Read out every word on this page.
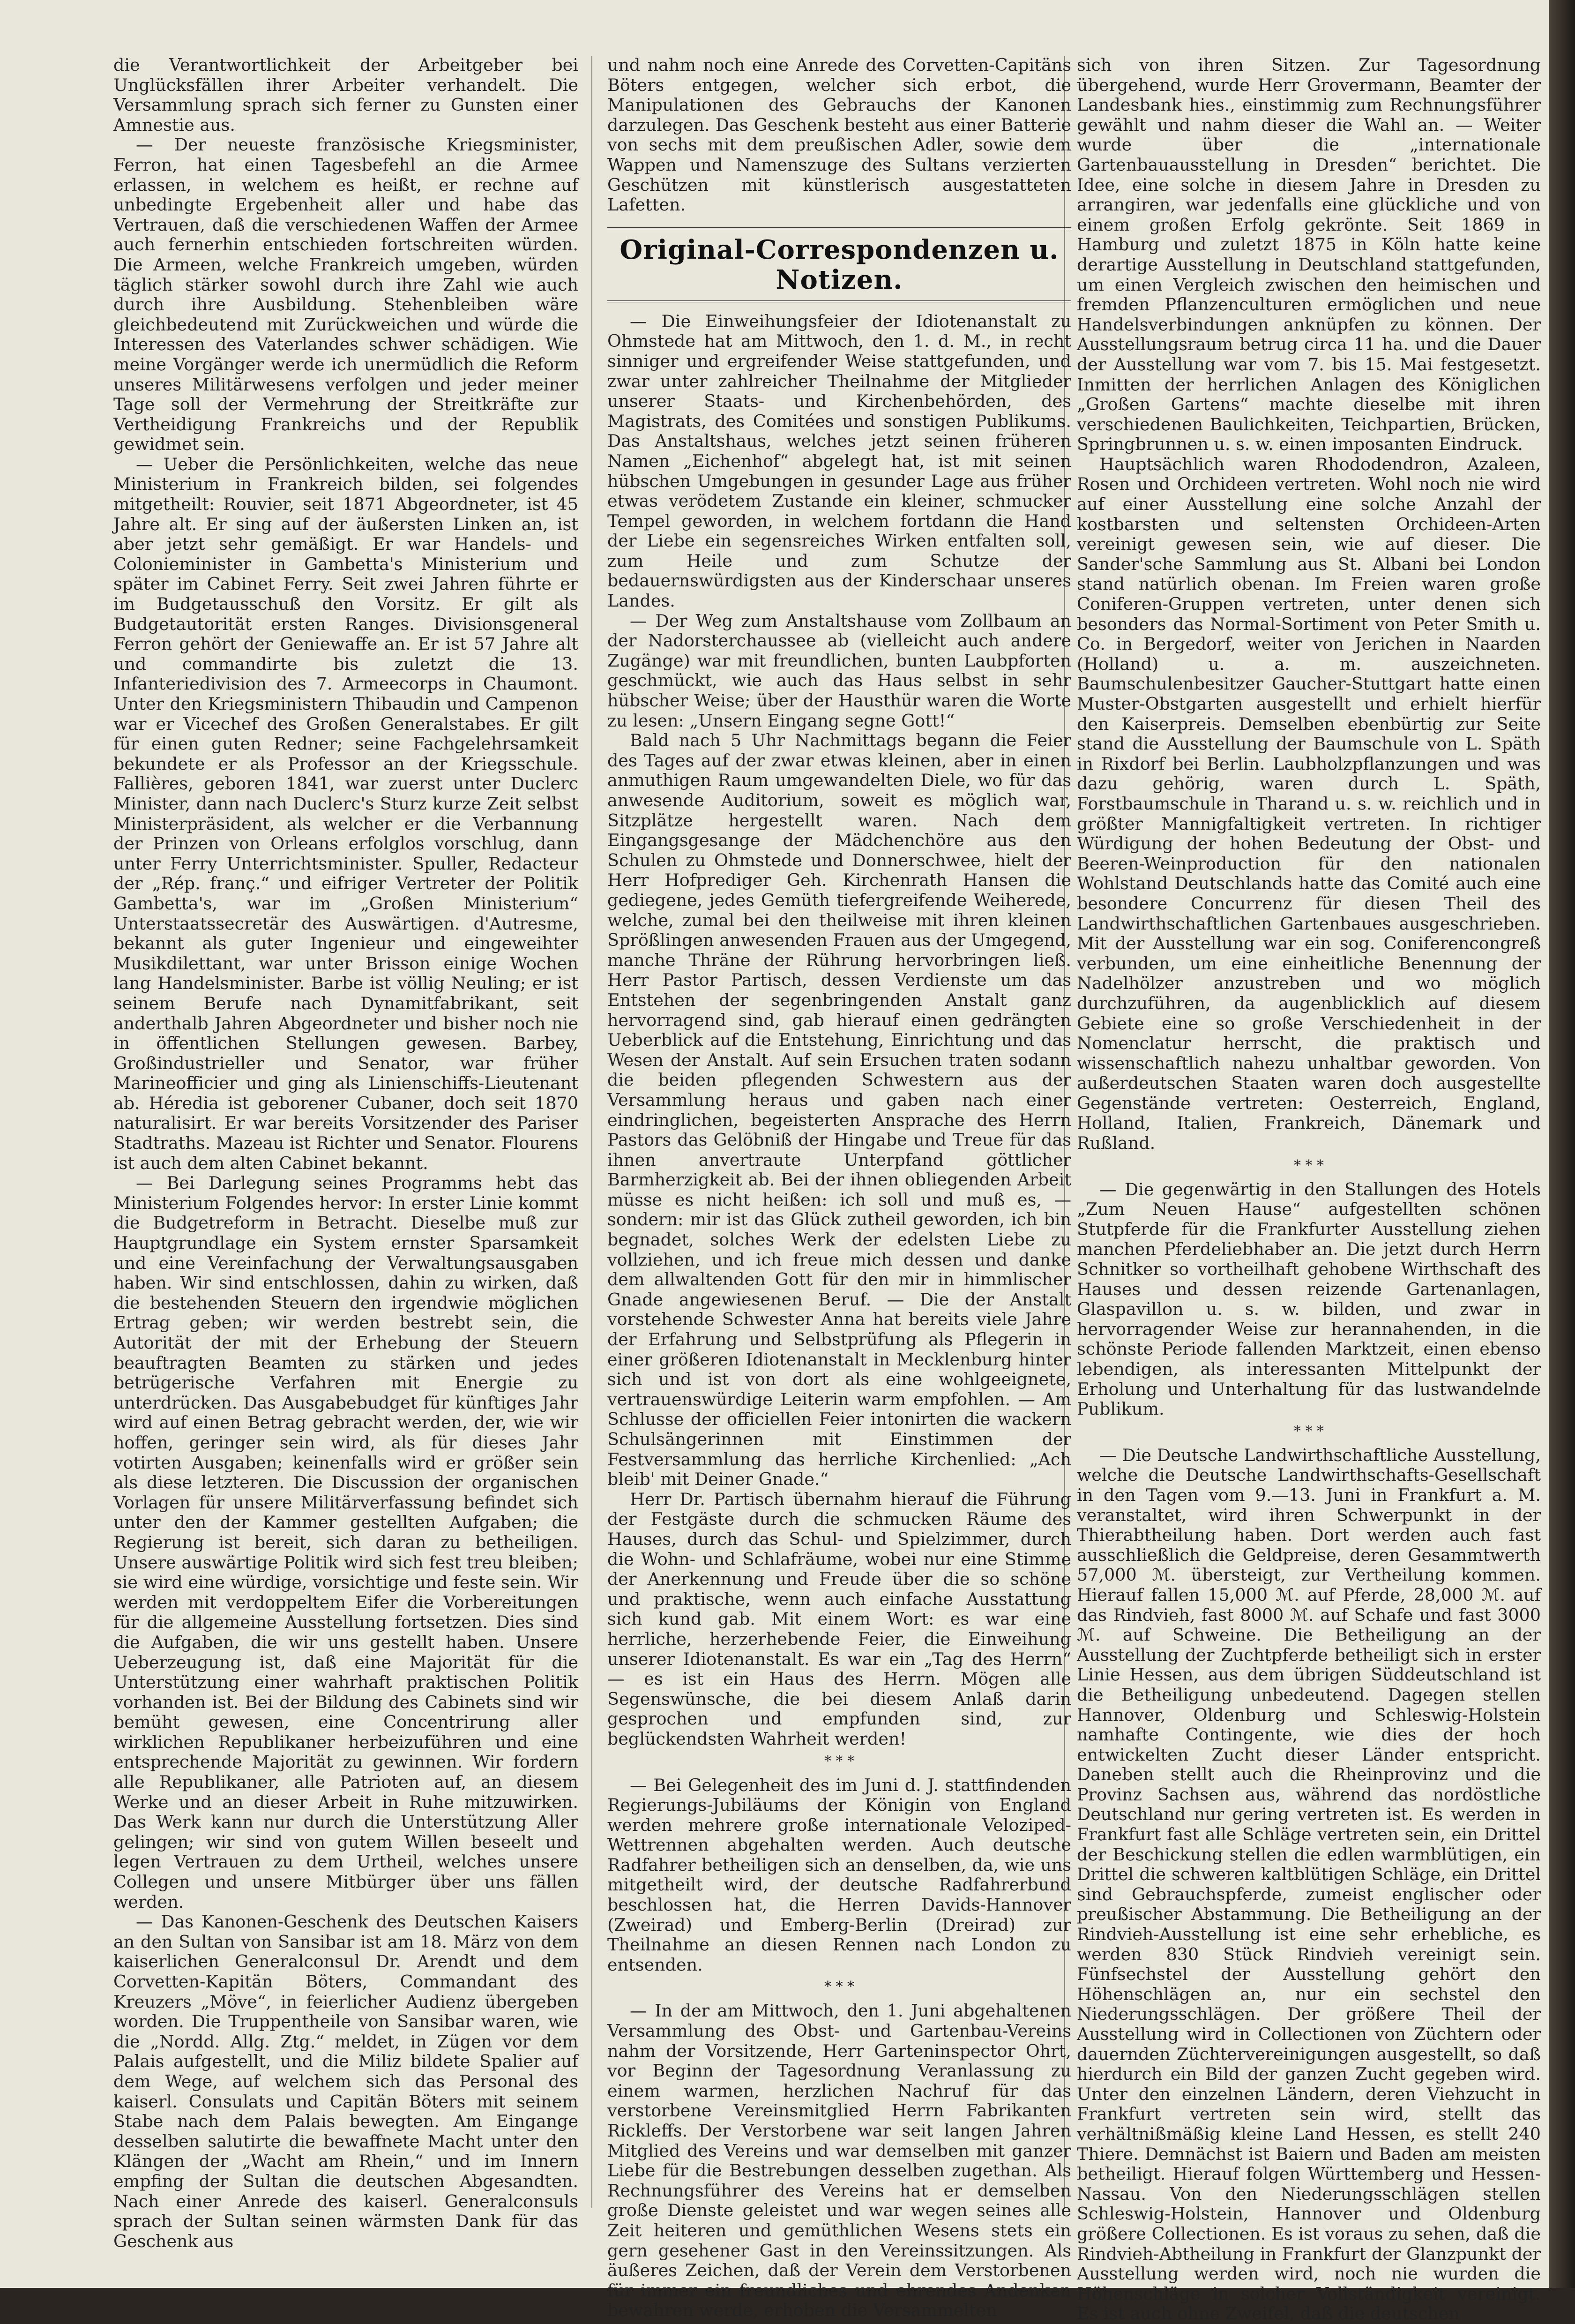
die Verantwortlichkeit der Arbeitgeber bei Unglücksfällen ihrer Arbeiter verhandelt. Die Versammlung sprach sich ferner zu Gunsten einer Amnestie aus.

— Der neueste französische Kriegsminister, Ferron, hat einen Tagesbefehl an die Armee erlassen, in welchem es heißt, er rechne auf unbedingte Ergebenheit aller und habe das Vertrauen, daß die verschiedenen Waffen der Armee auch fernerhin entschieden fortschreiten würden. Die Armeen, welche Frankreich umgeben, würden täglich stärker sowohl durch ihre Zahl wie auch durch ihre Ausbildung. Stehenbleiben wäre gleichbedeutend mit Zurückweichen und würde die Interessen des Vaterlandes schwer schädigen. Wie meine Vorgänger werde ich unermüdlich die Reform unseres Militärwesens verfolgen und jeder meiner Tage soll der Vermehrung der Streitkräfte zur Vertheidigung Frankreichs und der Republik gewidmet sein.

— Ueber die Persönlichkeiten, welche das neue Ministerium in Frankreich bilden, sei folgendes mitgetheilt: Rouvier, seit 1871 Abgeordneter, ist 45 Jahre alt. Er sing auf der äußersten Linken an, ist aber jetzt sehr gemäßigt. Er war Handels- und Colonieminister in Gambetta's Ministerium und später im Cabinet Ferry. Seit zwei Jahren führte er im Budgetausschuß den Vorsitz. Er gilt als Budgetautorität ersten Ranges. Divisionsgeneral Ferron gehört der Geniewaffe an. Er ist 57 Jahre alt und commandirte bis zuletzt die 13. Infanteriedivision des 7. Armeecorps in Chaumont. Unter den Kriegsministern Thibaudin und Campenon war er Vicechef des Großen Generalstabes. Er gilt für einen guten Redner; seine Fachgelehrsamkeit bekundete er als Professor an der Kriegsschule. Fallières, geboren 1841, war zuerst unter Duclerc Minister, dann nach Duclerc's Sturz kurze Zeit selbst Ministerpräsident, als welcher er die Verbannung der Prinzen von Orleans erfolglos vorschlug, dann unter Ferry Unterrichtsminister. Spuller, Redacteur der „Rép. franç.“ und eifriger Vertreter der Politik Gambetta's, war im „Großen Ministerium“ Unterstaatssecretär des Auswärtigen. d'Autresme, bekannt als guter Ingenieur und eingeweihter Musikdilettant, war unter Brisson einige Wochen lang Handelsminister. Barbe ist völlig Neuling; er ist seinem Berufe nach Dynamitfabrikant, seit anderthalb Jahren Abgeordneter und bisher noch nie in öffentlichen Stellungen gewesen. Barbey, Großindustrieller und Senator, war früher Marineofficier und ging als Linienschiffs-Lieutenant ab. Héredia ist geborener Cubaner, doch seit 1870 naturalisirt. Er war bereits Vorsitzender des Pariser Stadtraths. Mazeau ist Richter und Senator. Flourens ist auch dem alten Cabinet bekannt.

— Bei Darlegung seines Programms hebt das Ministerium Folgendes hervor: In erster Linie kommt die Budgetreform in Betracht. Dieselbe muß zur Hauptgrundlage ein System ernster Sparsamkeit und eine Vereinfachung der Verwaltungsausgaben haben. Wir sind entschlossen, dahin zu wirken, daß die bestehenden Steuern den irgendwie möglichen Ertrag geben; wir werden bestrebt sein, die Autorität der mit der Erhebung der Steuern beauftragten Beamten zu stärken und jedes betrügerische Verfahren mit Energie zu unterdrücken. Das Ausgabebudget für künftiges Jahr wird auf einen Betrag gebracht werden, der, wie wir hoffen, geringer sein wird, als für dieses Jahr votirten Ausgaben; keinenfalls wird er größer sein als diese letzteren. Die Discussion der organischen Vorlagen für unsere Militärverfassung befindet sich unter den der Kammer gestellten Aufgaben; die Regierung ist bereit, sich daran zu betheiligen. Unsere auswärtige Politik wird sich fest treu bleiben; sie wird eine würdige, vorsichtige und feste sein. Wir werden mit verdoppeltem Eifer die Vorbereitungen für die allgemeine Ausstellung fortsetzen. Dies sind die Aufgaben, die wir uns gestellt haben. Unsere Ueberzeugung ist, daß eine Majorität für die Unterstützung einer wahrhaft praktischen Politik vorhanden ist. Bei der Bildung des Cabinets sind wir bemüht gewesen, eine Concentrirung aller wirklichen Republikaner herbeizuführen und eine entsprechende Majorität zu gewinnen. Wir fordern alle Republikaner, alle Patrioten auf, an diesem Werke und an dieser Arbeit in Ruhe mitzuwirken. Das Werk kann nur durch die Unterstützung Aller gelingen; wir sind von gutem Willen beseelt und legen Vertrauen zu dem Urtheil, welches unsere Collegen und unsere Mitbürger über uns fällen werden.

— Das Kanonen-Geschenk des Deutschen Kaisers an den Sultan von Sansibar ist am 18. März von dem kaiserlichen Generalconsul Dr. Arendt und dem Corvetten-Kapitän Böters, Commandant des Kreuzers „Möve“, in feierlicher Audienz übergeben worden. Die Truppentheile von Sansibar waren, wie die „Nordd. Allg. Ztg.“ meldet, in Zügen vor dem Palais aufgestellt, und die Miliz bildete Spalier auf dem Wege, auf welchem sich das Personal des kaiserl. Consulats und Capitän Böters mit seinem Stabe nach dem Palais bewegten. Am Eingange desselben salutirte die bewaffnete Macht unter den Klängen der „Wacht am Rhein,“ und im Innern empfing der Sultan die deutschen Abgesandten. Nach einer Anrede des kaiserl. Generalconsuls sprach der Sultan seinen wärmsten Dank für das Geschenk aus

und nahm noch eine Anrede des Corvetten-Capitäns Böters entgegen, welcher sich erbot, die Manipulationen des Gebrauchs der Kanonen darzulegen. Das Geschenk besteht aus einer Batterie von sechs mit dem preußischen Adler, sowie dem Wappen und Namenszuge des Sultans verzierten Geschützen mit künstlerisch ausgestatteten Lafetten.

Original-Correspondenzen u. Notizen.

— Die Einweihungsfeier der Idiotenanstalt zu Ohmstede hat am Mittwoch, den 1. d. M., in recht sinniger und ergreifender Weise stattgefunden, und zwar unter zahlreicher Theilnahme der Mitglieder unserer Staats- und Kirchenbehörden, des Magistrats, des Comitées und sonstigen Publikums. Das Anstaltshaus, welches jetzt seinen früheren Namen „Eichenhof“ abgelegt hat, ist mit seinen hübschen Umgebungen in gesunder Lage aus früher etwas verödetem Zustande ein kleiner, schmucker Tempel geworden, in welchem fortdann die Hand der Liebe ein segensreiches Wirken entfalten soll, zum Heile und zum Schutze der bedauernswürdigsten aus der Kinderschaar unseres Landes.

— Der Weg zum Anstaltshause vom Zollbaum an der Nadorsterchaussee ab (vielleicht auch andere Zugänge) war mit freundlichen, bunten Laubpforten geschmückt, wie auch das Haus selbst in sehr hübscher Weise; über der Hausthür waren die Worte zu lesen: „Unsern Eingang segne Gott!“

Bald nach 5 Uhr Nachmittags begann die Feier des Tages auf der zwar etwas kleinen, aber in einen anmuthigen Raum umgewandelten Diele, wo für das anwesende Auditorium, soweit es möglich war, Sitzplätze hergestellt waren. Nach dem Eingangsgesange der Mädchenchöre aus den Schulen zu Ohmstede und Donnerschwee, hielt der Herr Hofprediger Geh. Kirchenrath Hansen die gediegene, jedes Gemüth tiefergreifende Weiherede, welche, zumal bei den theilweise mit ihren kleinen Sprößlingen anwesenden Frauen aus der Umgegend, manche Thräne der Rührung hervorbringen ließ. Herr Pastor Partisch, dessen Verdienste um das Entstehen der segenbringenden Anstalt ganz hervorragend sind, gab hierauf einen gedrängten Ueberblick auf die Entstehung, Einrichtung und das Wesen der Anstalt. Auf sein Ersuchen traten sodann die beiden pflegenden Schwestern aus der Versammlung heraus und gaben nach einer eindringlichen, begeisterten Ansprache des Herrn Pastors das Gelöbniß der Hingabe und Treue für das ihnen anvertraute Unterpfand göttlicher Barmherzigkeit ab. Bei der ihnen obliegenden Arbeit müsse es nicht heißen: ich soll und muß es, — sondern: mir ist das Glück zutheil geworden, ich bin begnadet, solches Werk der edelsten Liebe zu vollziehen, und ich freue mich dessen und danke dem allwaltenden Gott für den mir in himmlischer Gnade angewiesenen Beruf. — Die der Anstalt vorstehende Schwester Anna hat bereits viele Jahre der Erfahrung und Selbstprüfung als Pflegerin in einer größeren Idiotenanstalt in Mecklenburg hinter sich und ist von dort als eine wohlgeeignete, vertrauenswürdige Leiterin warm empfohlen. — Am Schlusse der officiellen Feier intonirten die wackern Schulsängerinnen mit Einstimmen der Festversammlung das herrliche Kirchenlied: „Ach bleib' mit Deiner Gnade.“

Herr Dr. Partisch übernahm hierauf die Führung der Festgäste durch die schmucken Räume des Hauses, durch das Schul- und Spielzimmer, durch die Wohn- und Schlafräume, wobei nur eine Stimme der Anerkennung und Freude über die so schöne und praktische, wenn auch einfache Ausstattung sich kund gab. Mit einem Wort: es war eine herrliche, herzerhebende Feier, die Einweihung unserer Idiotenanstalt. Es war ein „Tag des Herrn“ — es ist ein Haus des Herrn. Mögen alle Segenswünsche, die bei diesem Anlaß darin gesprochen und empfunden sind, zur beglückendsten Wahrheit werden!

* * *

— Bei Gelegenheit des im Juni d. J. stattfindenden Regierungs-Jubiläums der Königin von England werden mehrere große internationale Veloziped-Wettrennen abgehalten werden. Auch deutsche Radfahrer betheiligen sich an denselben, da, wie uns mitgetheilt wird, der deutsche Radfahrerbund beschlossen hat, die Herren Davids-Hannover (Zweirad) und Emberg-Berlin (Dreirad) zur Theilnahme an diesen Rennen nach London zu entsenden.

* * *

— In der am Mittwoch, den 1. Juni abgehaltenen Versammlung des Obst- und Gartenbau-Vereins nahm der Vorsitzende, Herr Garteninspector Ohrt, vor Beginn der Tagesordnung Veranlassung zu einem warmen, herzlichen Nachruf für das verstorbene Vereinsmitglied Herrn Fabrikanten Rickleffs. Der Verstorbene war seit langen Jahren Mitglied des Vereins und war demselben mit ganzer Liebe für die Bestrebungen desselben zugethan. Als Rechnungsführer des Vereins hat er demselben große Dienste geleistet und war wegen seines alle Zeit heiteren und gemüthlichen Wesens stets ein gern gesehener Gast in den Vereinssitzungen. Als äußeres Zeichen, daß der Verein dem Verstorbenen für immer ein freundliches und ehrendes Andenken bewahren werde, erhoben die Versammelten

sich von ihren Sitzen. Zur Tagesordnung übergehend, wurde Herr Grovermann, Beamter der Landesbank hies., einstimmig zum Rechnungsführer gewählt und nahm dieser die Wahl an. — Weiter wurde über die „internationale Gartenbauausstellung in Dresden“ berichtet. Die Idee, eine solche in diesem Jahre in Dresden zu arrangiren, war jedenfalls eine glückliche und von einem großen Erfolg gekrönte. Seit 1869 in Hamburg und zuletzt 1875 in Köln hatte keine derartige Ausstellung in Deutschland stattgefunden, um einen Vergleich zwischen den heimischen und fremden Pflanzenculturen ermöglichen und neue Handelsverbindungen anknüpfen zu können. Der Ausstellungsraum betrug circa 11 ha. und die Dauer der Ausstellung war vom 7. bis 15. Mai festgesetzt. Inmitten der herrlichen Anlagen des Königlichen „Großen Gartens“ machte dieselbe mit ihren verschiedenen Baulichkeiten, Teichpartien, Brücken, Springbrunnen u. s. w. einen imposanten Eindruck.

Hauptsächlich waren Rhododendron, Azaleen, Rosen und Orchideen vertreten. Wohl noch nie wird auf einer Ausstellung eine solche Anzahl der kostbarsten und seltensten Orchideen-Arten vereinigt gewesen sein, wie auf dieser. Die Sander'sche Sammlung aus St. Albani bei London stand natürlich obenan. Im Freien waren große Coniferen-Gruppen vertreten, unter denen sich besonders das Normal-Sortiment von Peter Smith u. Co. in Bergedorf, weiter von Jerichen in Naarden (Holland) u. a. m. auszeichneten. Baumschulenbesitzer Gaucher-Stuttgart hatte einen Muster-Obstgarten ausgestellt und erhielt hierfür den Kaiserpreis. Demselben ebenbürtig zur Seite stand die Ausstellung der Baumschule von L. Späth in Rixdorf bei Berlin. Laubholzpflanzungen und was dazu gehörig, waren durch L. Späth, Forstbaumschule in Tharand u. s. w. reichlich und in größter Mannigfaltigkeit vertreten. In richtiger Würdigung der hohen Bedeutung der Obst- und Beeren-Weinproduction für den nationalen Wohlstand Deutschlands hatte das Comité auch eine besondere Concurrenz für diesen Theil des Landwirthschaftlichen Gartenbaues ausgeschrieben. Mit der Ausstellung war ein sog. Coniferencongreß verbunden, um eine einheitliche Benennung der Nadelhölzer anzustreben und wo möglich durchzuführen, da augenblicklich auf diesem Gebiete eine so große Verschiedenheit in der Nomenclatur herrscht, die praktisch und wissenschaftlich nahezu unhaltbar geworden. Von außerdeutschen Staaten waren doch ausgestellte Gegenstände vertreten: Oesterreich, England, Holland, Italien, Frankreich, Dänemark und Rußland.

* * *

— Die gegenwärtig in den Stallungen des Hotels „Zum Neuen Hause“ aufgestellten schönen Stutpferde für die Frankfurter Ausstellung ziehen manchen Pferdeliebhaber an. Die jetzt durch Herrn Schnitker so vortheilhaft gehobene Wirthschaft des Hauses und dessen reizende Gartenanlagen, Glaspavillon u. s. w. bilden, und zwar in hervorragender Weise zur herannahenden, in die schönste Periode fallenden Marktzeit, einen ebenso lebendigen, als interessanten Mittelpunkt der Erholung und Unterhaltung für das lustwandelnde Publikum.

* * *

— Die Deutsche Landwirthschaftliche Ausstellung, welche die Deutsche Landwirthschafts-Gesellschaft in den Tagen vom 9.—13. Juni in Frankfurt a. M. veranstaltet, wird ihren Schwerpunkt in der Thierabtheilung haben. Dort werden auch fast ausschließlich die Geldpreise, deren Gesammtwerth 57,000 ℳ. übersteigt, zur Vertheilung kommen. Hierauf fallen 15,000 ℳ. auf Pferde, 28,000 ℳ. auf das Rindvieh, fast 8000 ℳ. auf Schafe und fast 3000 ℳ. auf Schweine. Die Betheiligung an der Ausstellung der Zuchtpferde betheiligt sich in erster Linie Hessen, aus dem übrigen Süddeutschland ist die Betheiligung unbedeutend. Dagegen stellen Hannover, Oldenburg und Schleswig-Holstein namhafte Contingente, wie dies der hoch entwickelten Zucht dieser Länder entspricht. Daneben stellt auch die Rheinprovinz und die Provinz Sachsen aus, während das nordöstliche Deutschland nur gering vertreten ist. Es werden in Frankfurt fast alle Schläge vertreten sein, ein Drittel der Beschickung stellen die edlen warmblütigen, ein Drittel die schweren kaltblütigen Schläge, ein Drittel sind Gebrauchspferde, zumeist englischer oder preußischer Abstammung. Die Betheiligung an der Rindvieh-Ausstellung ist eine sehr erhebliche, es werden 830 Stück Rindvieh vereinigt sein. Fünfsechstel der Ausstellung gehört den Höhenschlägen an, nur ein sechstel den Niederungsschlägen. Der größere Theil der Ausstellung wird in Collectionen von Züchtern oder dauernden Züchtervereinigungen ausgestellt, so daß hierdurch ein Bild der ganzen Zucht gegeben wird. Unter den einzelnen Ländern, deren Viehzucht in Frankfurt vertreten sein wird, stellt das verhältnißmäßig kleine Land Hessen, es stellt 240 Thiere. Demnächst ist Baiern und Baden am meisten betheiligt. Hierauf folgen Württemberg und Hessen-Nassau. Von den Niederungsschlägen stellen Schleswig-Holstein, Hannover und Oldenburg größere Collectionen. Es ist voraus zu sehen, daß die Rindvieh-Abtheilung in Frankfurt der Glanzpunkt der Ausstellung werden wird, noch nie wurden die Höhenschläge in solcher Vollständigkeit vereinigt. Es ist auch ohne Zweifel, daß die deutschen
